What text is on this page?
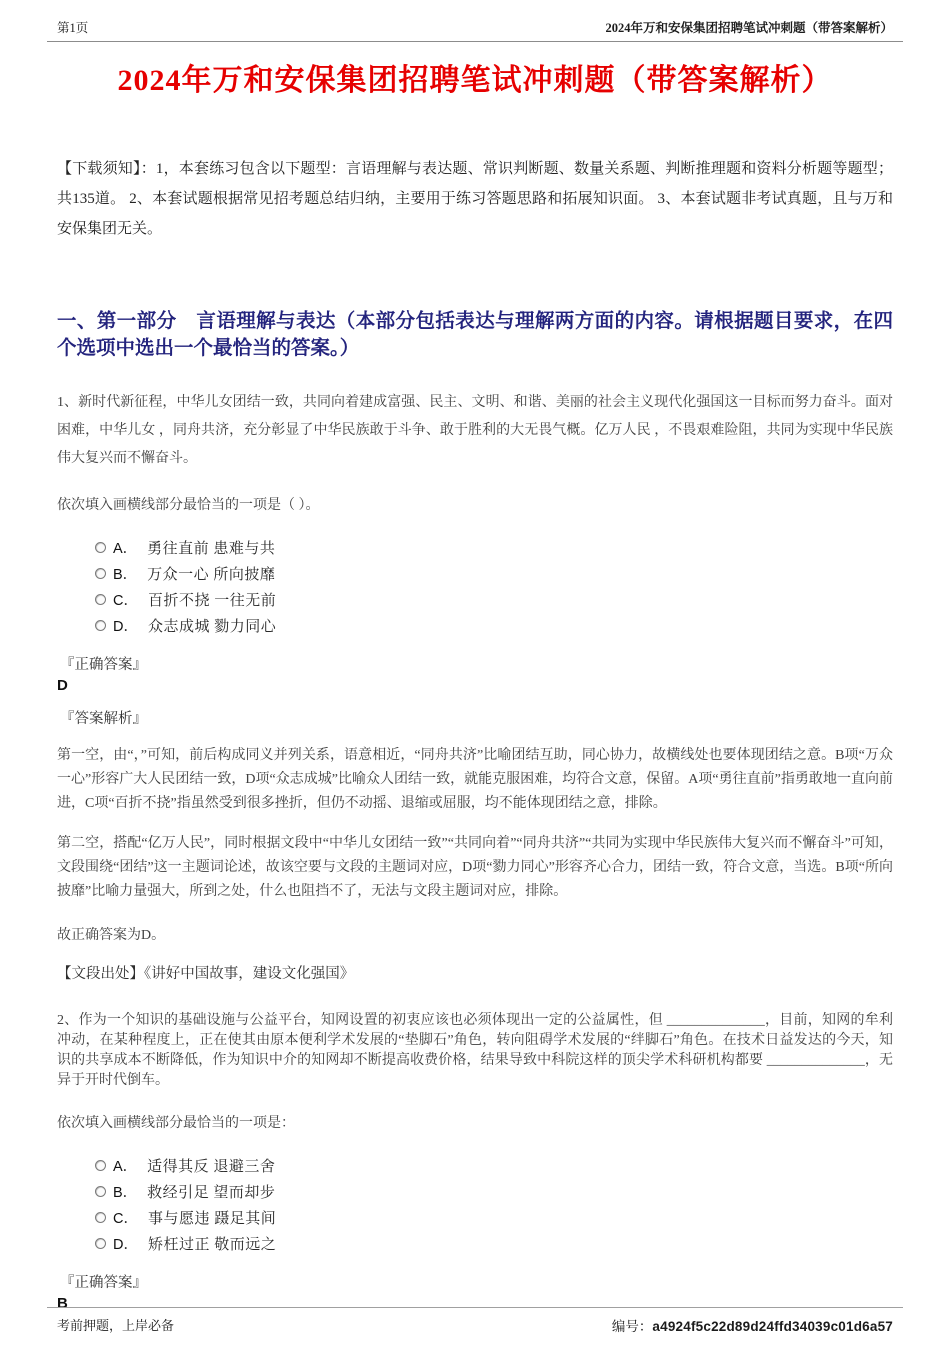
第1页	2024年万和安保集团招聘笔试冲刺题（带答案解析）
2024年万和安保集团招聘笔试冲刺题（带答案解析）

【下载须知】：1，本套练习包含以下题型：言语理解与表达题、常识判断题、数量关系题、判断推理题和资料分析题等题型；共135道。 2、本套试题根据常见招考题总结归纳，主要用于练习答题思路和拓展知识面。 3、本套试题非考试真题，且与万和安保集团无关。

一、第一部分　言语理解与表达（本部分包括表达与理解两方面的内容。请根据题目要求，在四个选项中选出一个最恰当的答案。）

1、新时代新征程，中华儿女团结一致，共同向着建成富强、民主、文明、和谐、美丽的社会主义现代化强国这一目标而努力奋斗。面对困难，中华儿女 ，同舟共济，充分彰显了中华民族敢于斗争、敢于胜利的大无畏气概。亿万人民 ，不畏艰难险阻，共同为实现中华民族伟大复兴而不懈奋斗。

依次填入画横线部分最恰当的一项是（ ）。

A． 勇往直前 患难与共
B． 万众一心 所向披靡
C． 百折不挠 一往无前
D． 众志成城 勠力同心

『正确答案』

D

『答案解析』

第一空，由“，”可知，前后构成同义并列关系，语意相近，“同舟共济”比喻团结互助，同心协力，故横线处也要体现团结之意。B项“万众一心”形容广大人民团结一致，D项“众志成城”比喻众人团结一致，就能克服困难，均符合文意，保留。A项“勇往直前”指勇敢地一直向前进，C项“百折不挠”指虽然受到很多挫折，但仍不动摇、退缩或屈服，均不能体现团结之意，排除。

第二空，搭配“亿万人民”，同时根据文段中“中华儿女团结一致”“共同向着”“同舟共济”“共同为实现中华民族伟大复兴而不懈奋斗”可知，文段围绕“团结”这一主题词论述，故该空要与文段的主题词对应，D项“勠力同心”形容齐心合力，团结一致，符合文意，当选。B项“所向披靡”比喻力量强大，所到之处，什么也阻挡不了，无法与文段主题词对应，排除。

故正确答案为D。

【文段出处】《讲好中国故事，建设文化强国》

2、作为一个知识的基础设施与公益平台，知网设置的初衷应该也必须体现出一定的公益属性，但 ______________，目前，知网的牟利冲动，在某种程度上，正在使其由原本便利学术发展的“垫脚石”角色，转向阻碍学术发展的“绊脚石”角色。在技术日益发达的今天，知识的共享成本不断降低，作为知识中介的知网却不断提高收费价格，结果导致中科院这样的顶尖学术科研机构都要 ______________，无异于开时代倒车。

依次填入画横线部分最恰当的一项是：

A． 适得其反 退避三舍
B． 救经引足 望而却步
C． 事与愿违 蹑足其间
D． 矫枉过正 敬而远之

『正确答案』

B

考前押题，上岸必备	编号：a4924f5c22d89d24ffd34039c01d6a57
